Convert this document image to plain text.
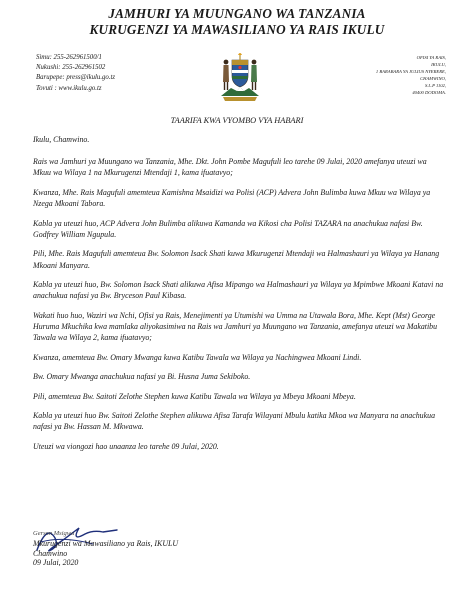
JAMHURI YA MUUNGANO WA TANZANIA
KURUGENZI YA MAWASILIANO YA RAIS IKULU
Simu: 255-262961500/1
Nukushi: 255-262961502
Barupepe: press@ikulu.go.tz
Tovuti : www.ikulu.go.tz
OFISI YA RAIS,
IKULU,
1 BARABARA YA JULIUS NYERERE,
CHAMWINO,
S.L.P 1102,
40400 DODOMA.
TAARIFA KWA VYOMBO VYA HABARI

Ikulu, Chamwino.

Rais wa Jamhuri ya Muungano wa Tanzania, Mhe. Dkt. John Pombe Magufuli leo tarehe 09 Julai, 2020 amefanya uteuzi wa Mkuu wa Wilaya 1 na Mkurugenzi Mtendaji 1, kama ifuatavyo;

Kwanza, Mhe. Rais Magufuli amemteua Kamishna Msaidizi wa Polisi (ACP) Advera John Bulimba kuwa Mkuu wa Wilaya ya Nzega Mkoani Tabora.

Kabla ya uteuzi huo, ACP Advera John Bulimba alikuwa Kamanda wa Kikosi cha Polisi TAZARA na anachukua nafasi Bw. Godfrey William Ngupula.

Pili, Mhe. Rais Magufuli amemteua Bw. Solomon Isack Shati kuwa Mkurugenzi Mtendaji wa Halmashauri ya Wilaya ya Hanang Mkoani Manyara.

Kabla ya uteuzi huo, Bw. Solomon Isack Shati alikuwa Afisa Mipango wa Halmashauri ya Wilaya ya Mpimbwe Mkoani Katavi na anachukua nafasi ya Bw. Bryceson Paul Kibasa.

Wakati huo huo, Waziri wa Nchi, Ofisi ya Rais, Menejimenti ya Utumishi wa Umma na Utawala Bora, Mhe. Kept (Mst) George Huruma Mkuchika kwa mamlaka aliyokasimiwa na Rais wa Jamhuri ya Muungano wa Tanzania, amefanya uteuzi wa Makatibu Tawala wa Wilaya 2, kama ifuatavyo;

Kwanza, amemteua Bw. Omary Mwanga kuwa Katibu Tawala wa Wilaya ya Nachingwea Mkoani Lindi.

Bw. Omary Mwanga anachukua nafasi ya Bi. Husna Juma Sekiboko.

Pili, amemteua Bw. Saitoti Zelothe Stephen kuwa Katibu Tawala wa Wilaya ya Mbeya Mkoani Mbeya.

Kabla ya uteuzi huo Bw. Saitoti Zelothe Stephen alikuwa Afisa Tarafa Wilayani Mbulu katika Mkoa wa Manyara na anachukua nafasi ya Bw. Hassan M. Mkwawa.

Uteuzi wa viongozi hao unaanza leo tarehe 09 Julai, 2020.

Gerson Msigwa
Mkurugenzi wa Mawasiliano ya Rais, IKULU
Chamwino
09 Julai, 2020
